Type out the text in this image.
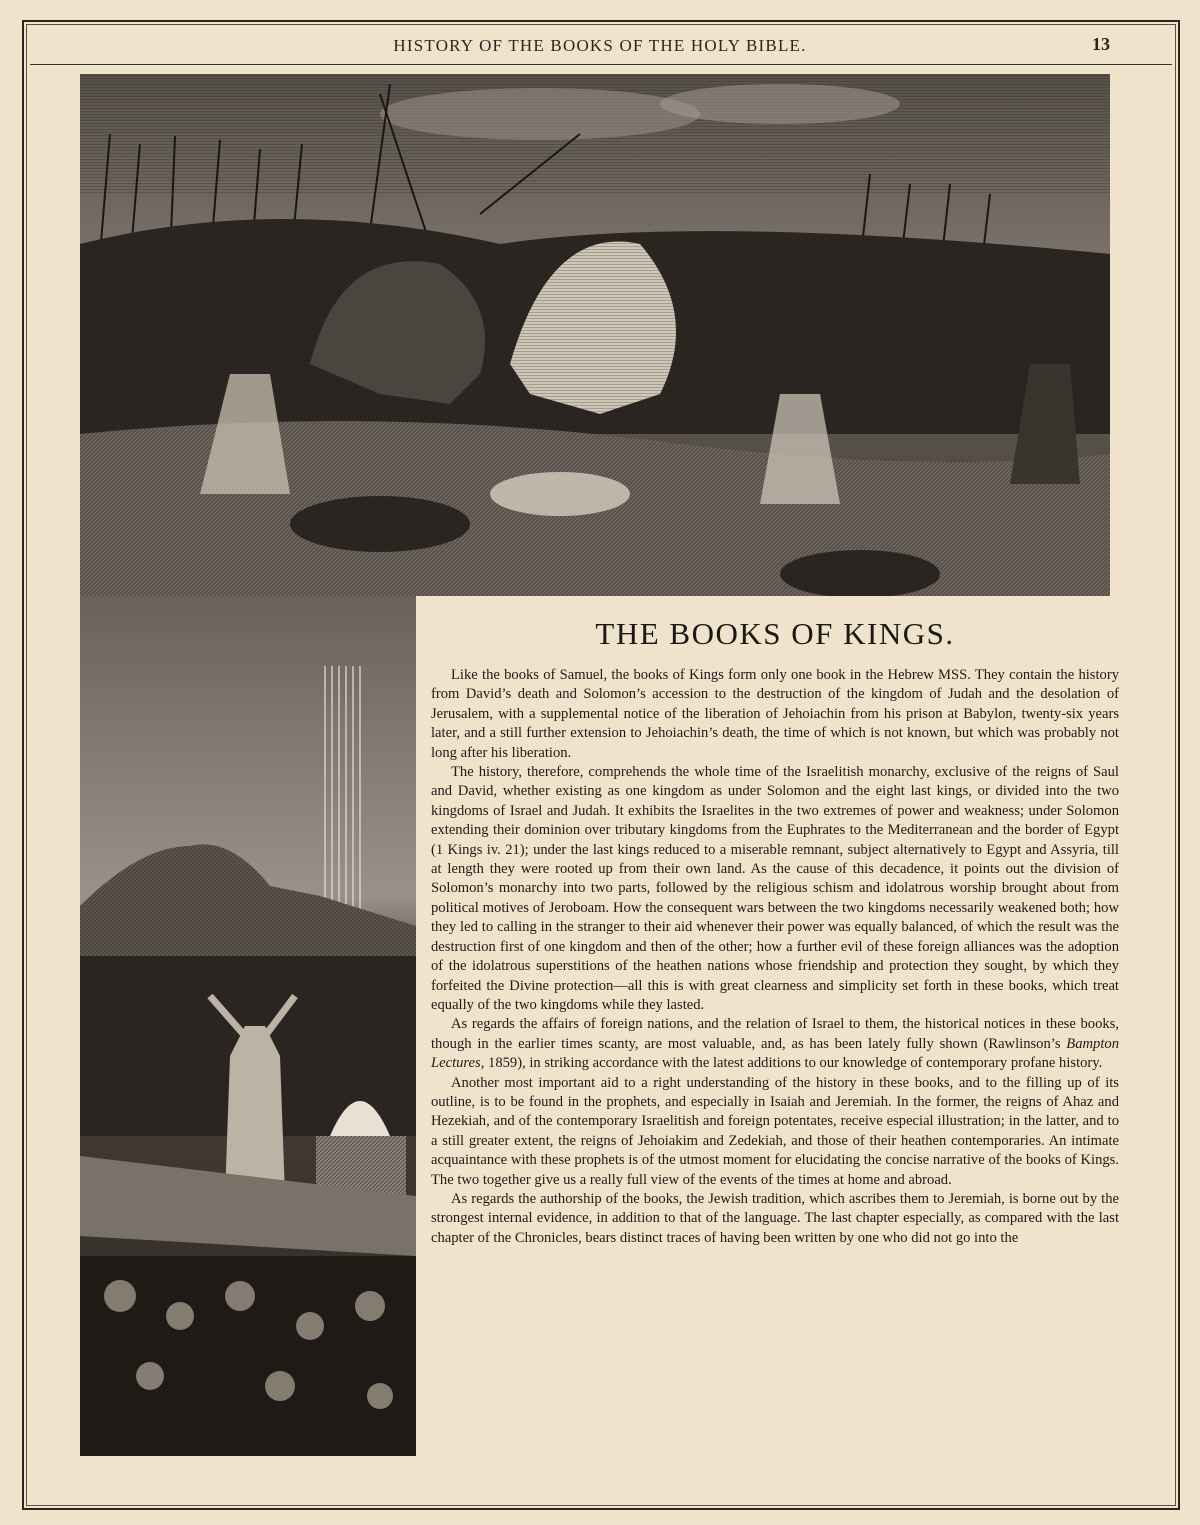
HISTORY OF THE BOOKS OF THE HOLY BIBLE.	13
THE BOOKS OF KINGS.

Like the books of Samuel, the books of Kings form only one book in the Hebrew MSS. They contain the history from David’s death and Solomon’s accession to the destruction of the kingdom of Judah and the desolation of Jerusalem, with a supplemental notice of the liberation of Jehoiachin from his prison at Babylon, twenty-six years later, and a still further extension to Jehoiachin’s death, the time of which is not known, but which was probably not long after his liberation.

The history, therefore, comprehends the whole time of the Israelitish monarchy, exclusive of the reigns of Saul and David, whether existing as one kingdom as under Solomon and the eight last kings, or divided into the two kingdoms of Israel and Judah. It exhibits the Israelites in the two extremes of power and weakness; under Solomon extending their dominion over tributary kingdoms from the Euphrates to the Mediterranean and the border of Egypt (1 Kings iv. 21); under the last kings reduced to a miserable remnant, subject alternatively to Egypt and Assyria, till at length they were rooted up from their own land. As the cause of this decadence, it points out the division of Solomon’s monarchy into two parts, followed by the religious schism and idolatrous worship brought about from political motives of Jeroboam. How the consequent wars between the two kingdoms necessarily weakened both; how they led to calling in the stranger to their aid whenever their power was equally balanced, of which the result was the destruction first of one kingdom and then of the other; how a further evil of these foreign alliances was the adoption of the idolatrous superstitions of the heathen nations whose friendship and protection they sought, by which they forfeited the Divine protection—all this is with great clearness and simplicity set forth in these books, which treat equally of the two kingdoms while they lasted.

As regards the affairs of foreign nations, and the relation of Israel to them, the historical notices in these books, though in the earlier times scanty, are most valuable, and, as has been lately fully shown (Rawlinson’s Bampton Lectures, 1859), in striking accordance with the latest additions to our knowledge of contemporary profane history.

Another most important aid to a right understanding of the history in these books, and to the filling up of its outline, is to be found in the prophets, and especially in Isaiah and Jeremiah. In the former, the reigns of Ahaz and Hezekiah, and of the contemporary Israelitish and foreign potentates, receive especial illustration; in the latter, and to a still greater extent, the reigns of Jehoiakim and Zedekiah, and those of their heathen contemporaries. An intimate acquaintance with these prophets is of the utmost moment for elucidating the concise narrative of the books of Kings. The two together give us a really full view of the events of the times at home and abroad.

As regards the authorship of the books, the Jewish tradition, which ascribes them to Jeremiah, is borne out by the strongest internal evidence, in addition to that of the language. The last chapter especially, as compared with the last chapter of the Chronicles, bears distinct traces of having been written by one who did not go into the
